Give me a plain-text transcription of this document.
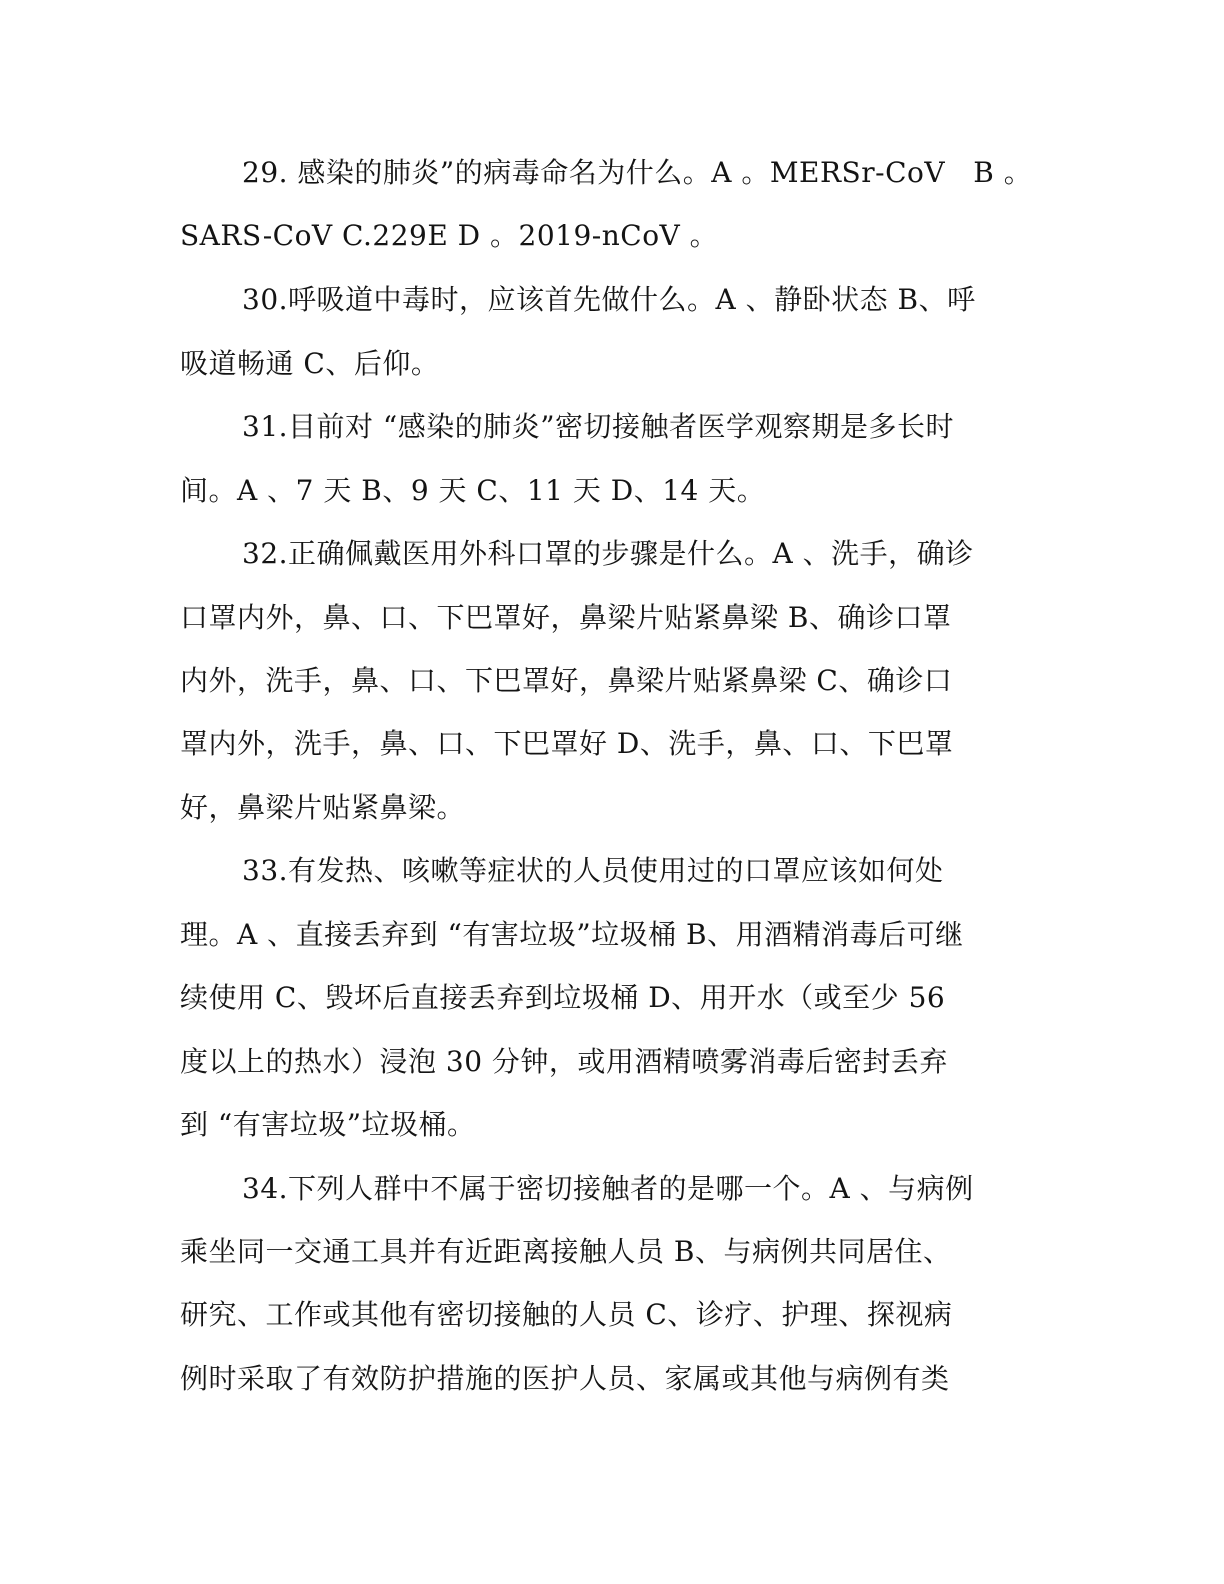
29. 感染的肺炎”的病毒命名为什么。A 。MERSr-CoV   B 。
SARS-CoV C.229E D 。2019-nCoV 。
30.呼吸道中毒时，应该首先做什么。A 、静卧状态 B、呼
吸道畅通 C、后仰。
31.目前对 “感染的肺炎”密切接触者医学观察期是多长时
间。A 、7 天 B、9 天 C、11 天 D、14 天。
32.正确佩戴医用外科口罩的步骤是什么。A 、洗手，确诊
口罩内外，鼻、口、下巴罩好，鼻梁片贴紧鼻梁 B、确诊口罩
内外，洗手，鼻、口、下巴罩好，鼻梁片贴紧鼻梁 C、确诊口
罩内外，洗手，鼻、口、下巴罩好 D、洗手，鼻、口、下巴罩
好，鼻梁片贴紧鼻梁。
33.有发热、咳嗽等症状的人员使用过的口罩应该如何处
理。A 、直接丢弃到 “有害垃圾”垃圾桶 B、用酒精消毒后可继
续使用 C、毁坏后直接丢弃到垃圾桶 D、用开水（或至少 56
度以上的热水）浸泡 30 分钟，或用酒精喷雾消毒后密封丢弃
到 “有害垃圾”垃圾桶。
34.下列人群中不属于密切接触者的是哪一个。A 、与病例
乘坐同一交通工具并有近距离接触人员 B、与病例共同居住、
研究、工作或其他有密切接触的人员 C、诊疗、护理、探视病
例时采取了有效防护措施的医护人员、家属或其他与病例有类
